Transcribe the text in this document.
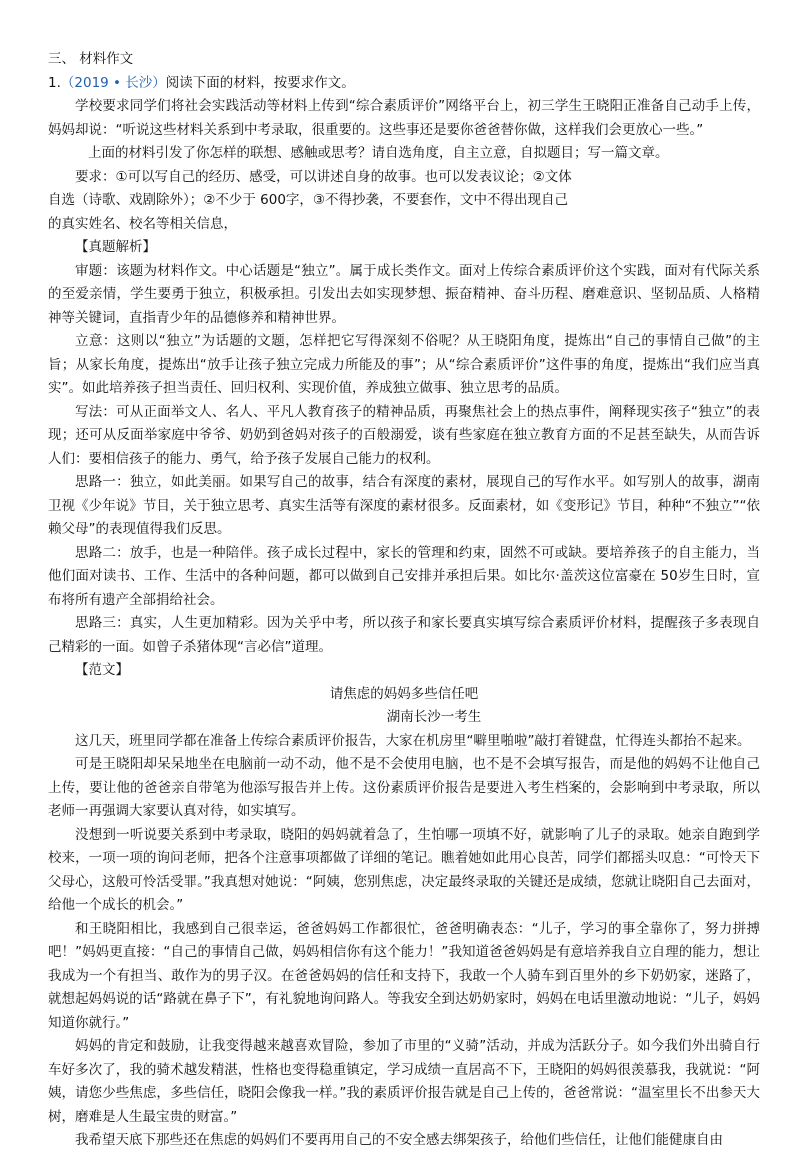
三、 材料作文

1.（2019 • 长沙）阅读下面的材料，按要求作文。

学校要求同学们将社会实践活动等材料上传到“综合素质评价”网络平台上，初三学生王晓阳正准备自己动手上传，妈妈却说：“听说这些材料关系到中考录取，很重要的。这些事还是要你爸爸替你做，这样我们会更放心一些。”

上面的材料引发了你怎样的联想、感触或思考？请自选角度，自主立意，自拟题目；写一篇文章。

要求：①可以写自己的经历、感受，可以讲述自身的故事。也可以发表议论；②文体

自选（诗歌、戏剧除外）；②不少于 600字，③不得抄袭，不要套作，文中不得出现自己

的真实姓名、校名等相关信息，

【真题解析】

审题：该题为材料作文。中心话题是“独立”。属于成长类作文。面对上传综合素质评价这个实践，面对有代际关系的至爱亲情，学生要勇于独立，积极承担。引发出去如实现梦想、振奋精神、奋斗历程、磨难意识、坚韧品质、人格精神等关键词，直指青少年的品德修养和精神世界。

立意：这则以“独立”为话题的文题，怎样把它写得深刻不俗呢？从王晓阳角度，提炼出“自己的事情自己做”的主旨；从家长角度，提炼出“放手让孩子独立完成力所能及的事”；从“综合素质评价”这件事的角度，提炼出“我们应当真实”。如此培养孩子担当责任、回归权利、实现价值，养成独立做事、独立思考的品质。

写法：可从正面举文人、名人、平凡人教育孩子的精神品质，再聚焦社会上的热点事件，阐释现实孩子“独立”的表现；还可从反面举家庭中爷爷、奶奶到爸妈对孩子的百般溺爱，谈有些家庭在独立教育方面的不足甚至缺失，从而告诉人们：要相信孩子的能力、勇气，给予孩子发展自己能力的权利。

思路一：独立，如此美丽。如果写自己的故事，结合有深度的素材，展现自己的写作水平。如写别人的故事，湖南卫视《少年说》节目，关于独立思考、真实生活等有深度的素材很多。反面素材，如《变形记》节目，种种“不独立”“依赖父母”的表现值得我们反思。

思路二：放手，也是一种陪伴。孩子成长过程中，家长的管理和约束，固然不可或缺。要培养孩子的自主能力，当他们面对读书、工作、生活中的各种问题，都可以做到自己安排并承担后果。如比尔·盖茨这位富豪在 50岁生日时，宣布将所有遗产全部捐给社会。

思路三：真实，人生更加精彩。因为关乎中考，所以孩子和家长要真实填写综合素质评价材料，提醒孩子多表现自己精彩的一面。如曾子杀猪体现“言必信”道理。

【范文】

请焦虑的妈妈多些信任吧

湖南长沙一考生

这几天，班里同学都在准备上传综合素质评价报告，大家在机房里“噼里啪啦”敲打着键盘，忙得连头都抬不起来。

可是王晓阳却呆呆地坐在电脑前一动不动，他不是不会使用电脑，也不是不会填写报告，而是他的妈妈不让他自己上传，要让他的爸爸亲自带笔为他添写报告并上传。这份素质评价报告是要进入考生档案的，会影响到中考录取，所以老师一再强调大家要认真对待，如实填写。

没想到一听说要关系到中考录取，晓阳的妈妈就着急了，生怕哪一项填不好，就影响了儿子的录取。她亲自跑到学校来，一项一项的询问老师，把各个注意事项都做了详细的笔记。瞧着她如此用心良苦，同学们都摇头叹息：“可怜天下父母心，这般可怜活受罪。”我真想对她说：“阿姨，您别焦虑，决定最终录取的关键还是成绩，您就让晓阳自己去面对，给他一个成长的机会。”

和王晓阳相比，我感到自己很幸运，爸爸妈妈工作都很忙，爸爸明确表态：“儿子，学习的事全靠你了，努力拼搏吧！”妈妈更直接：“自己的事情自己做，妈妈相信你有这个能力！”我知道爸爸妈妈是有意培养我自立自理的能力，想让我成为一个有担当、敢作为的男子汉。在爸爸妈妈的信任和支持下，我敢一个人骑车到百里外的乡下奶奶家，迷路了，就想起妈妈说的话“路就在鼻子下”，有礼貌地询问路人。等我安全到达奶奶家时，妈妈在电话里激动地说：“儿子，妈妈知道你就行。”

妈妈的肯定和鼓励，让我变得越来越喜欢冒险，参加了市里的“义骑”活动，并成为活跃分子。如今我们外出骑自行车好多次了，我的骑术越发精湛，性格也变得稳重镇定，学习成绩一直居高不下，王晓阳的妈妈很羡慕我，我就说：“阿姨，请您少些焦虑，多些信任，晓阳会像我一样。”我的素质评价报告就是自己上传的，爸爸常说：“温室里长不出参天大树，磨难是人生最宝贵的财富。”

我希望天底下那些还在焦虑的妈妈们不要再用自己的不安全感去绑架孩子，给他们些信任，让他们能健康自由
